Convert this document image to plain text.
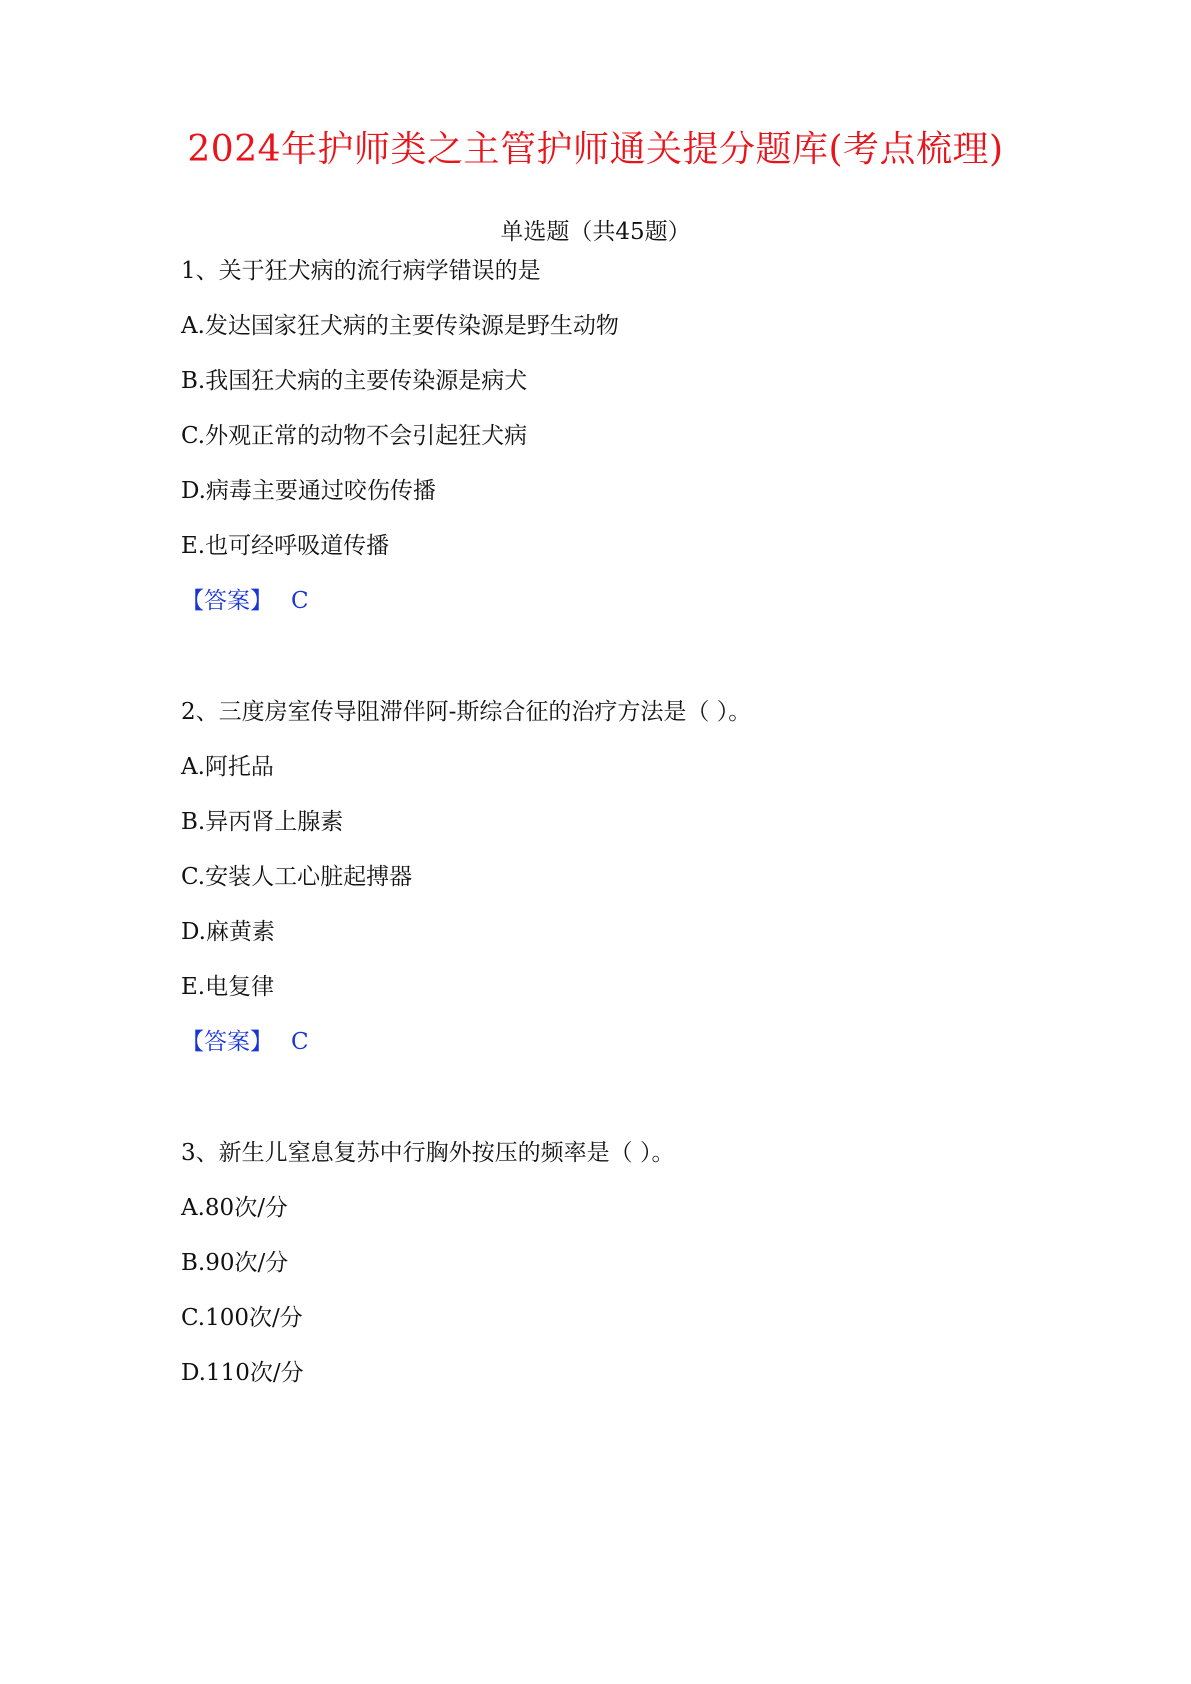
2024年护师类之主管护师通关提分题库(考点梳理)
单选题（共45题）
1、关于狂犬病的流行病学错误的是
A.发达国家狂犬病的主要传染源是野生动物
B.我国狂犬病的主要传染源是病犬
C.外观正常的动物不会引起狂犬病
D.病毒主要通过咬伤传播
E.也可经呼吸道传播
【答案】 C
2、三度房室传导阻滞伴阿-斯综合征的治疗方法是（ ）。
A.阿托品
B.异丙肾上腺素
C.安装人工心脏起搏器
D.麻黄素
E.电复律
【答案】 C
3、新生儿窒息复苏中行胸外按压的频率是（ ）。
A.80次/分
B.90次/分
C.100次/分
D.110次/分
